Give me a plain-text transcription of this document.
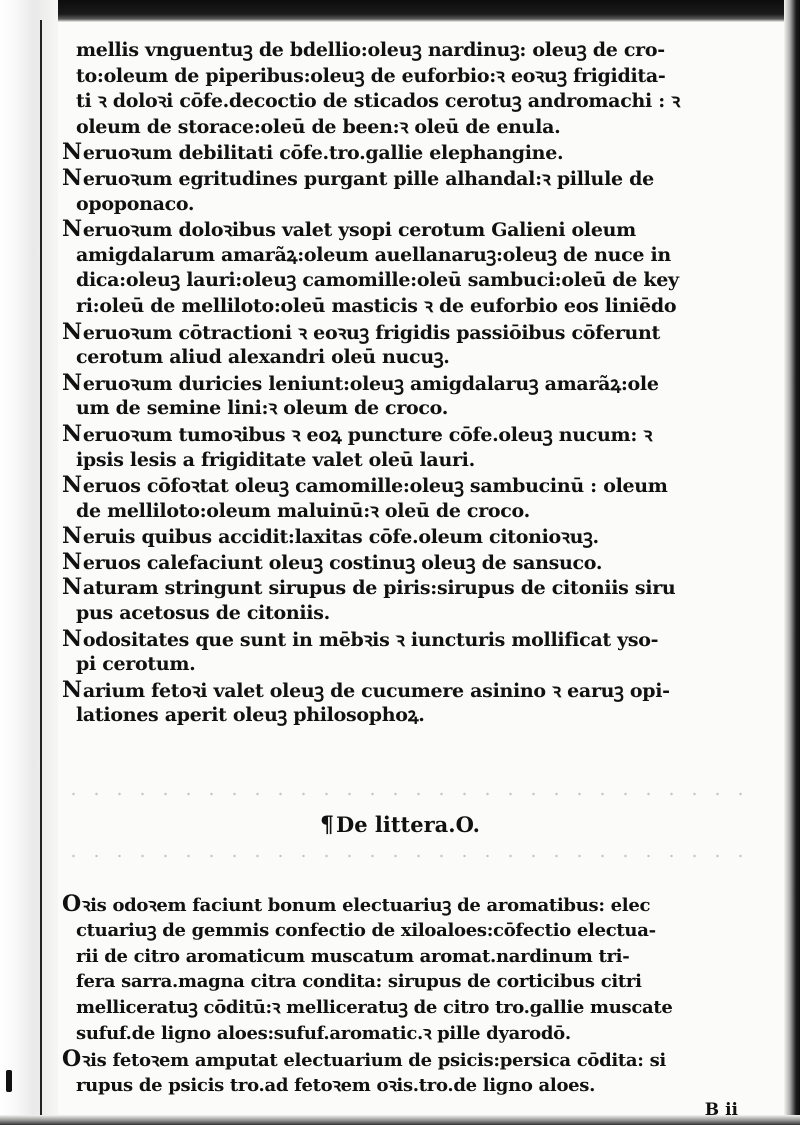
mellis vnguentuꝫ de bdellio:oleuꝫ nardinuꝫ: oleuꝫ de cro-

to:oleum de piperibus:oleuꝫ de euforbio:ꝛ eoꝛuꝫ frigidita-

ti ꝛ doloꝛi cōfe.decoctio de sticados cerotuꝫ andromachi : ꝛ

oleum de storace:oleū de been:ꝛ oleū de enula.

Neruoꝛum debilitati cōfe.tro.gallie elephangine.

Neruoꝛum egritudines purgant pille alhandal:ꝛ pillule de

opoponaco.

Neruoꝛum doloꝛibus valet ysopi cerotum Galieni oleum

amigdalarum amarãꝝ:oleum auellanaruꝫ:oleuꝫ de nuce in

dica:oleuꝫ lauri:oleuꝫ camomille:oleū sambuci:oleū de key

ri:oleū de melliloto:oleū masticis ꝛ de euforbio eos liniēdo

Neruoꝛum cōtractioni ꝛ eoꝛuꝫ frigidis passiōibus cōferunt

cerotum aliud alexandri oleū nucuꝫ.

Neruoꝛum duricies leniunt:oleuꝫ amigdalaruꝫ amarãꝝ:ole

um de semine lini:ꝛ oleum de croco.

Neruoꝛum tumoꝛibus ꝛ eoꝝ puncture cōfe.oleuꝫ nucum: ꝛ

ipsis lesis a frigiditate valet oleū lauri.

Neruos cōfoꝛtat oleuꝫ camomille:oleuꝫ sambucinū : oleum

de melliloto:oleum maluinū:ꝛ oleū de croco.

Neruis quibus accidit:laxitas cōfe.oleum citonioꝛuꝫ.

Neruos calefaciunt oleuꝫ costinuꝫ oleuꝫ de sansuco.

Naturam stringunt sirupus de piris:sirupus de citoniis siru

pus acetosus de citoniis.

Nodositates que sunt in mēbꝛis ꝛ iuncturis mollificat yso-

pi cerotum.

Narium fetoꝛi valet oleuꝫ de cucumere asinino ꝛ earuꝫ opi-

lationes aperit oleuꝫ philosophoꝝ.

¶De littera.O.

Oꝛis odoꝛem faciunt bonum electuariuꝫ de aromatibus: elec

ctuariuꝫ de gemmis confectio de xiloaloes:cōfectio electua-

rii de citro aromaticum muscatum aromat.nardinum tri-

fera sarra.magna citra condita: sirupus de corticibus citri

melliceratuꝫ cōditū:ꝛ melliceratuꝫ de citro tro.gallie muscate

sufuf.de ligno aloes:sufuf.aromatic.ꝛ pille dyarodō.

Oꝛis fetoꝛem amputat electuarium de psicis:persica cōdita: si

rupus de psicis tro.ad fetoꝛem oꝛis.tro.de ligno aloes.

B ii
